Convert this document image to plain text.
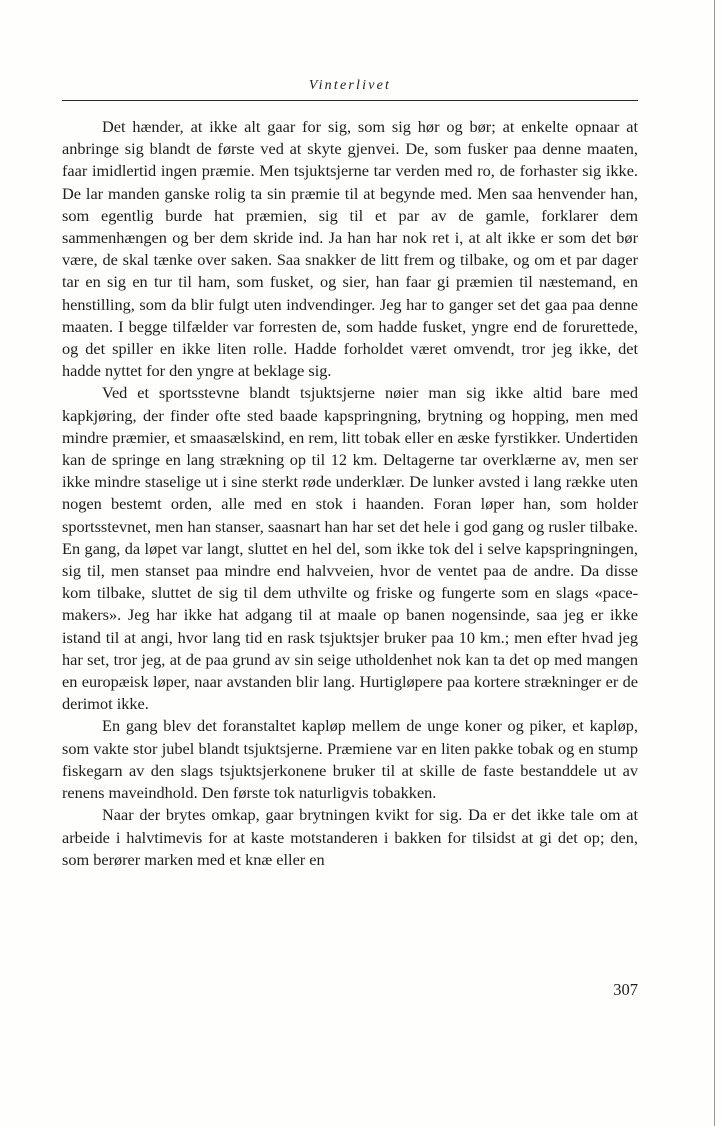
Vinterlivet

Det hænder, at ikke alt gaar for sig, som sig hør og bør; at enkelte opnaar at anbringe sig blandt de første ved at skyte gjenvei. De, som fusker paa denne maaten, faar imidlertid ingen præmie. Men tsjuktsjerne tar verden med ro, de forhaster sig ikke. De lar manden ganske rolig ta sin præmie til at begynde med. Men saa henvender han, som egentlig burde hat præmien, sig til et par av de gamle, forklarer dem sammenhængen og ber dem skride ind. Ja han har nok ret i, at alt ikke er som det bør være, de skal tænke over saken. Saa snakker de litt frem og tilbake, og om et par dager tar en sig en tur til ham, som fusket, og sier, han faar gi præmien til næstemand, en henstilling, som da blir fulgt uten indvendinger. Jeg har to ganger set det gaa paa denne maaten. I begge tilfælder var forresten de, som hadde fusket, yngre end de forurettede, og det spiller en ikke liten rolle. Hadde forholdet været omvendt, tror jeg ikke, det hadde nyttet for den yngre at beklage sig.

Ved et sportsstevne blandt tsjuktsjerne nøier man sig ikke altid bare med kapkjøring, der finder ofte sted baade kapspringning, brytning og hopping, men med mindre præmier, et smaasælskind, en rem, litt tobak eller en æske fyrstikker. Undertiden kan de springe en lang strækning op til 12 km. Deltagerne tar overklærne av, men ser ikke mindre staselige ut i sine sterkt røde underklær. De lunker avsted i lang række uten nogen bestemt orden, alle med en stok i haanden. Foran løper han, som holder sportsstevnet, men han stanser, saasnart han har set det hele i god gang og rusler tilbake. En gang, da løpet var langt, sluttet en hel del, som ikke tok del i selve kapspringningen, sig til, men stanset paa mindre end halvveien, hvor de ventet paa de andre. Da disse kom tilbake, sluttet de sig til dem uthvilte og friske og fungerte som en slags «pace-makers». Jeg har ikke hat adgang til at maale op banen nogensinde, saa jeg er ikke istand til at angi, hvor lang tid en rask tsjuktsjer bruker paa 10 km.; men efter hvad jeg har set, tror jeg, at de paa grund av sin seige utholdenhet nok kan ta det op med mangen en europæisk løper, naar avstanden blir lang. Hurtigløpere paa kortere strækninger er de derimot ikke.

En gang blev det foranstaltet kapløp mellem de unge koner og piker, et kapløp, som vakte stor jubel blandt tsjuktsjerne. Præmiene var en liten pakke tobak og en stump fiskegarn av den slags tsjuktsjerkonene bruker til at skille de faste bestanddele ut av renens maveindhold. Den første tok naturligvis tobakken.

Naar der brytes omkap, gaar brytningen kvikt for sig. Da er det ikke tale om at arbeide i halvtimevis for at kaste motstanderen i bakken for tilsidst at gi det op; den, som berører marken med et knæ eller en

307
